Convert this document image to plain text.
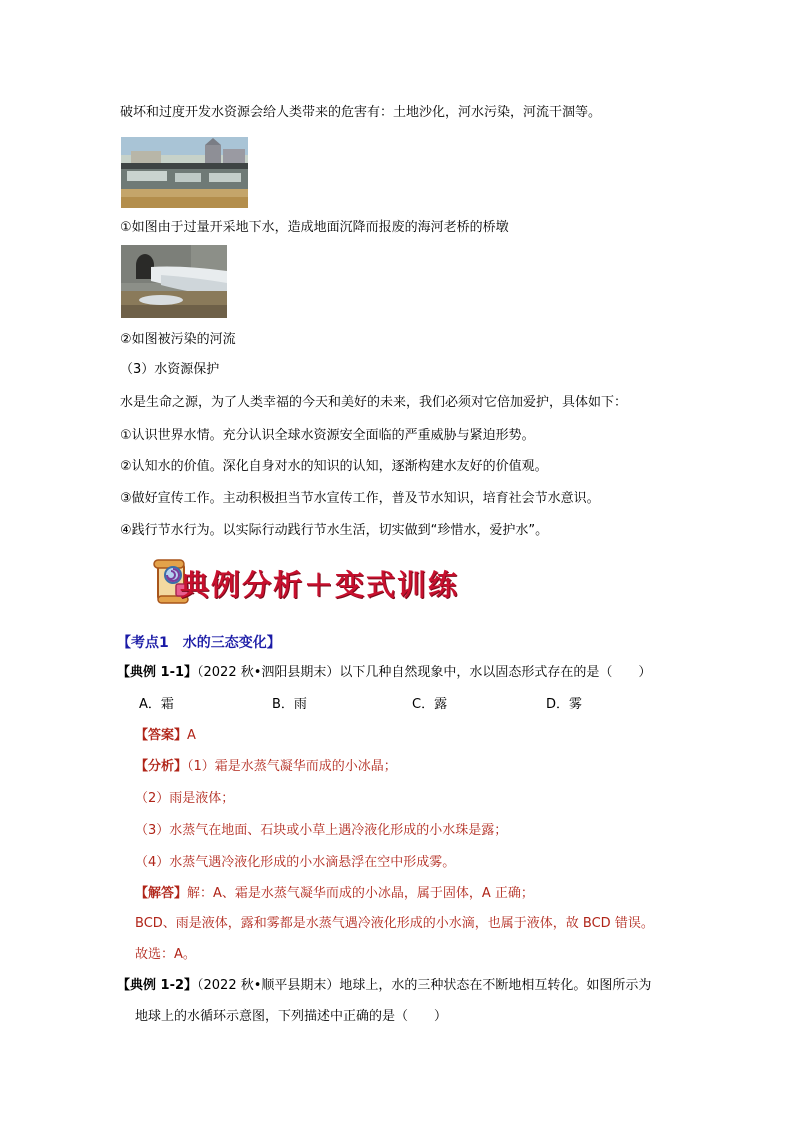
破坏和过度开发水资源会给人类带来的危害有：土地沙化，河水污染，河流干涸等。
①如图由于过量开采地下水，造成地面沉降而报废的海河老桥的桥墩
②如图被污染的河流
（3）水资源保护
水是生命之源，为了人类幸福的今天和美好的未来，我们必须对它倍加爱护，具体如下：
①认识世界水情。充分认识全球水资源安全面临的严重威胁与紧迫形势。
②认知水的价值。深化自身对水的知识的认知，逐渐构建水友好的价值观。
③做好宣传工作。主动积极担当节水宣传工作，普及节水知识，培育社会节水意识。
④践行节水行为。以实际行动践行节水生活，切实做到“珍惜水，爱护水”。
典例分析＋变式训练
【考点1　水的三态变化】
【典例 1-1】（2022 秋•泗阳县期末）以下几种自然现象中，水以固态形式存在的是（　　）
A．霜	B．雨	C．露	D．雾
【答案】A
【分析】（1）霜是水蒸气凝华而成的小冰晶；
（2）雨是液体；
（3）水蒸气在地面、石块或小草上遇冷液化形成的小水珠是露；
（4）水蒸气遇冷液化形成的小水滴悬浮在空中形成雾。
【解答】解：A、霜是水蒸气凝华而成的小冰晶，属于固体，A 正确；
BCD、雨是液体，露和雾都是水蒸气遇冷液化形成的小水滴，也属于液体，故 BCD 错误。
故选：A。
【典例 1-2】（2022 秋•顺平县期末）地球上，水的三种状态在不断地相互转化。如图所示为
地球上的水循环示意图，下列描述中正确的是（　　）
